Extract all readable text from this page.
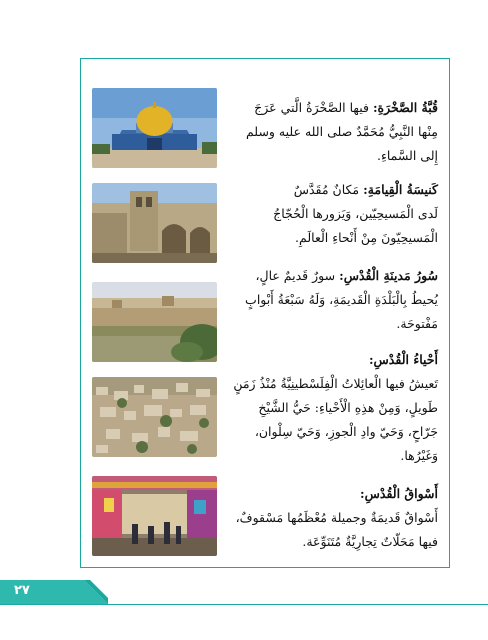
قُبَّةُ الصَّخْرَةِ: فيها الصَّخْرَةُ الَّتي عَرَجَ
مِنْها النَّبِيُّ مُحَمَّدٌ صلى الله عليه وسلم
إِلى السَّماءِ.
كَنيسَةُ الْقِيامَةِ: مَكانٌ مُقَدَّسٌ
لَدى الْمَسيحِيّين، وَيَزورها الْحُجّاجُ
الْمَسيحِيّونَ مِنْ أَنْحاءِ الْعالَمِ.
سُورُ مَدينَةِ الْقُدْسِ: سورٌ قَديمٌ عالٍ،
يُحيطُ بِالْبَلْدَةِ الْقَديمَةِ، وَلَهُ سَبْعَةُ أَبْوابٍ
مَفْتوحَة.
أَحْياءُ الْقُدْسِ:
تَعيشُ فيها الْعائِلاتُ الْفِلَسْطينِيَّةُ مُنْذُ زَمَنٍ
طَويلٍ، وَمِنْ هذِهِ الْأَحْياءِ: حَيُّ الشَّيْخِ
جَرّاحٍ، وَحَيّ وادِ الْجوزِ، وَحَيّ سِلْوان،
وَغَيْرُها.
أَسْواقُ الْقُدْسِ:
أَسْواقٌ قَديمَةٌ وجميلة مُعْظَمُها مَسْقوفٌ،
فيها مَحَلّاتٌ تِجارِيَّةٌ مُتَنَوِّعَة.
٢٧
